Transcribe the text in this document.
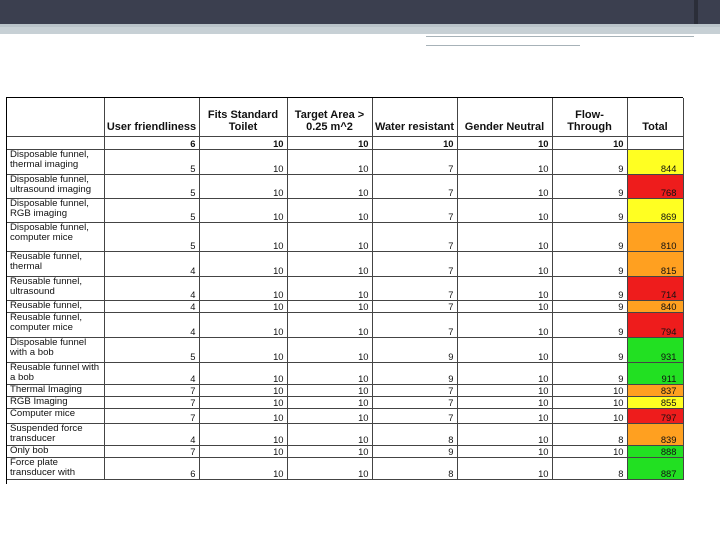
	User friendliness	Fits Standard Toilet	Target Area > 0.25 m^2	Water resistant	Gender Neutral	Flow-Through	Total
	6	10	10	10	10	10	
Disposable funnel, thermal imaging	5	10	10	7	10	9	844
Disposable funnel, ultrasound imaging	5	10	10	7	10	9	768
Disposable funnel, RGB imaging	5	10	10	7	10	9	869
Disposable funnel, computer mice	5	10	10	7	10	9	810
Reusable funnel, thermal	4	10	10	7	10	9	815
Reusable funnel, ultrasound	4	10	10	7	10	9	714
Reusable funnel,	4	10	10	7	10	9	840
Reusable funnel, computer mice	4	10	10	7	10	9	794
Disposable funnel with a bob	5	10	10	9	10	9	931
Reusable funnel with a bob	4	10	10	9	10	9	911
Thermal Imaging	7	10	10	7	10	10	837
RGB Imaging	7	10	10	7	10	10	855
Computer mice	7	10	10	7	10	10	797
Suspended force transducer	4	10	10	8	10	8	839
Only bob	7	10	10	9	10	10	888
Force plate transducer with	6	10	10	8	10	8	887
